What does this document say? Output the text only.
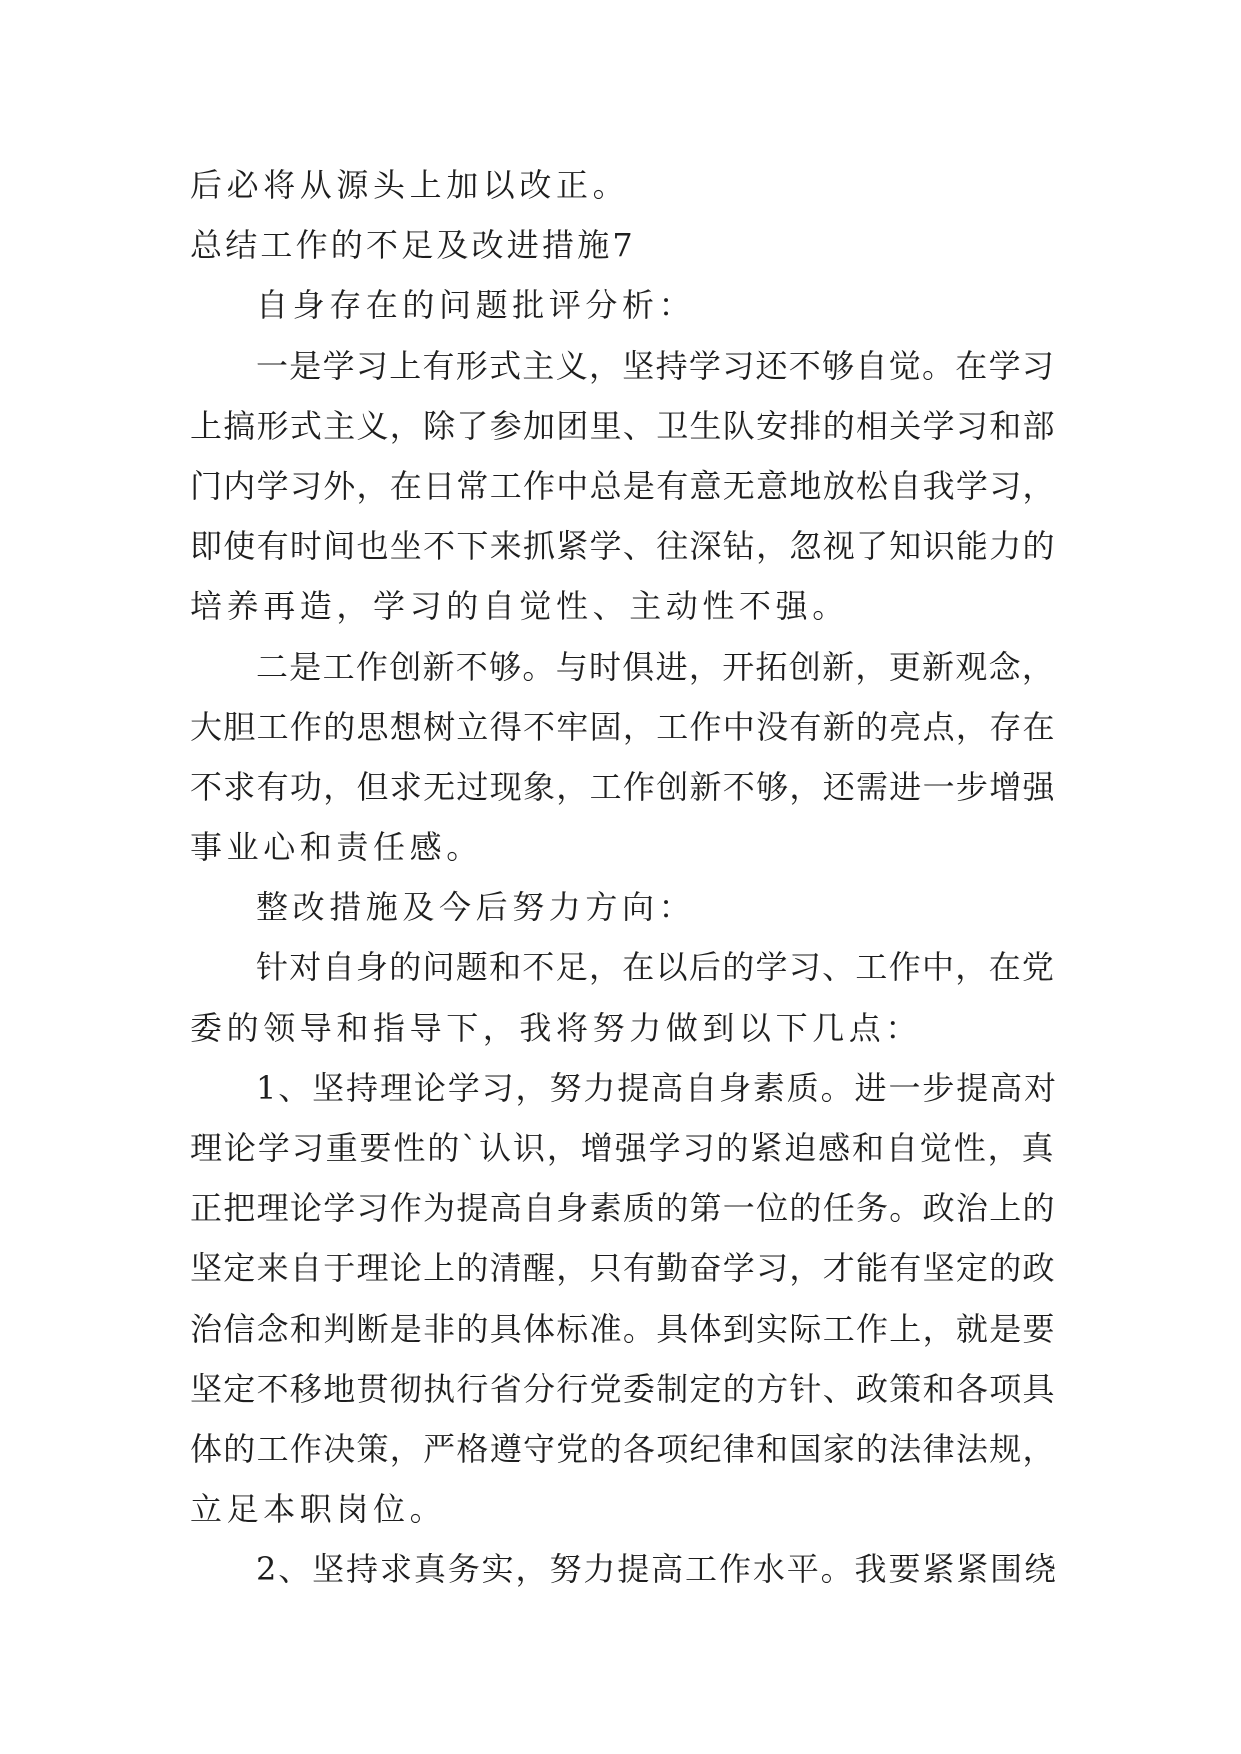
后必将从源头上加以改正。
总结工作的不足及改进措施7
自身存在的问题批评分析：
一是学习上有形式主义，坚持学习还不够自觉。在学习
上搞形式主义，除了参加团里、卫生队安排的相关学习和部
门内学习外，在日常工作中总是有意无意地放松自我学习，
即使有时间也坐不下来抓紧学、往深钻，忽视了知识能力的
培养再造，学习的自觉性、主动性不强。
二是工作创新不够。与时俱进，开拓创新，更新观念，
大胆工作的思想树立得不牢固，工作中没有新的亮点，存在
不求有功，但求无过现象，工作创新不够，还需进一步增强
事业心和责任感。
整改措施及今后努力方向：
针对自身的问题和不足，在以后的学习、工作中，在党
委的领导和指导下，我将努力做到以下几点：
1、坚持理论学习，努力提高自身素质。进一步提高对
理论学习重要性的`认识，增强学习的紧迫感和自觉性，真
正把理论学习作为提高自身素质的第一位的任务。政治上的
坚定来自于理论上的清醒，只有勤奋学习，才能有坚定的政
治信念和判断是非的具体标准。具体到实际工作上，就是要
坚定不移地贯彻执行省分行党委制定的方针、政策和各项具
体的工作决策，严格遵守党的各项纪律和国家的法律法规，
立足本职岗位。
2、坚持求真务实，努力提高工作水平。我要紧紧围绕
